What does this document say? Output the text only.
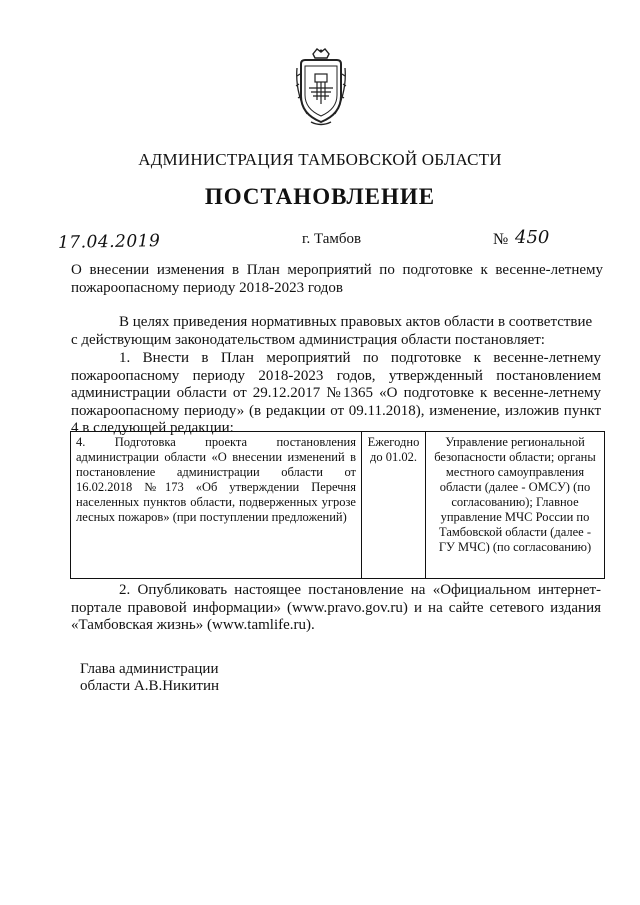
АДМИНИСТРАЦИЯ ТАМБОВСКОЙ ОБЛАСТИ
ПОСТАНОВЛЕНИЕ
17.04.2019	г. Тамбов	№ 450
О внесении изменения в План мероприятий по подготовке к весенне-летнему пожароопасному периоду 2018-2023 годов
В целях приведения нормативных правовых актов области в соответствие
с действующим законодательством администрация области постановляет:
1. Внести в План мероприятий по подготовке к весенне-летнему пожароопасному периоду 2018-2023 годов, утвержденный постановлением администрации области от 29.12.2017 №1365 «О подготовке к весенне-летнему пожароопасному периоду» (в редакции от 09.11.2018), изменение, изложив пункт 4 в следующей редакции:
4. Подготовка проекта постановления администрации области «О внесении изменений в постановление администрации области от 16.02.2018 №173 «Об утверждении Перечня населенных пунктов области, подверженных угрозе лесных пожаров» (при поступлении предложений)
Ежегодно до 01.02.
Управление региональной безопасности области; органы местного самоуправления области (далее - ОМСУ) (по согласованию); Главное управление МЧС России по Тамбовской области (далее - ГУ МЧС) (по согласованию)
2. Опубликовать настоящее постановление на «Официальном интернет-портале правовой информации» (www.pravo.gov.ru) и на сайте сетевого издания «Тамбовская жизнь» (www.tamlife.ru).
Глава администрации
области А.В.Никитин
